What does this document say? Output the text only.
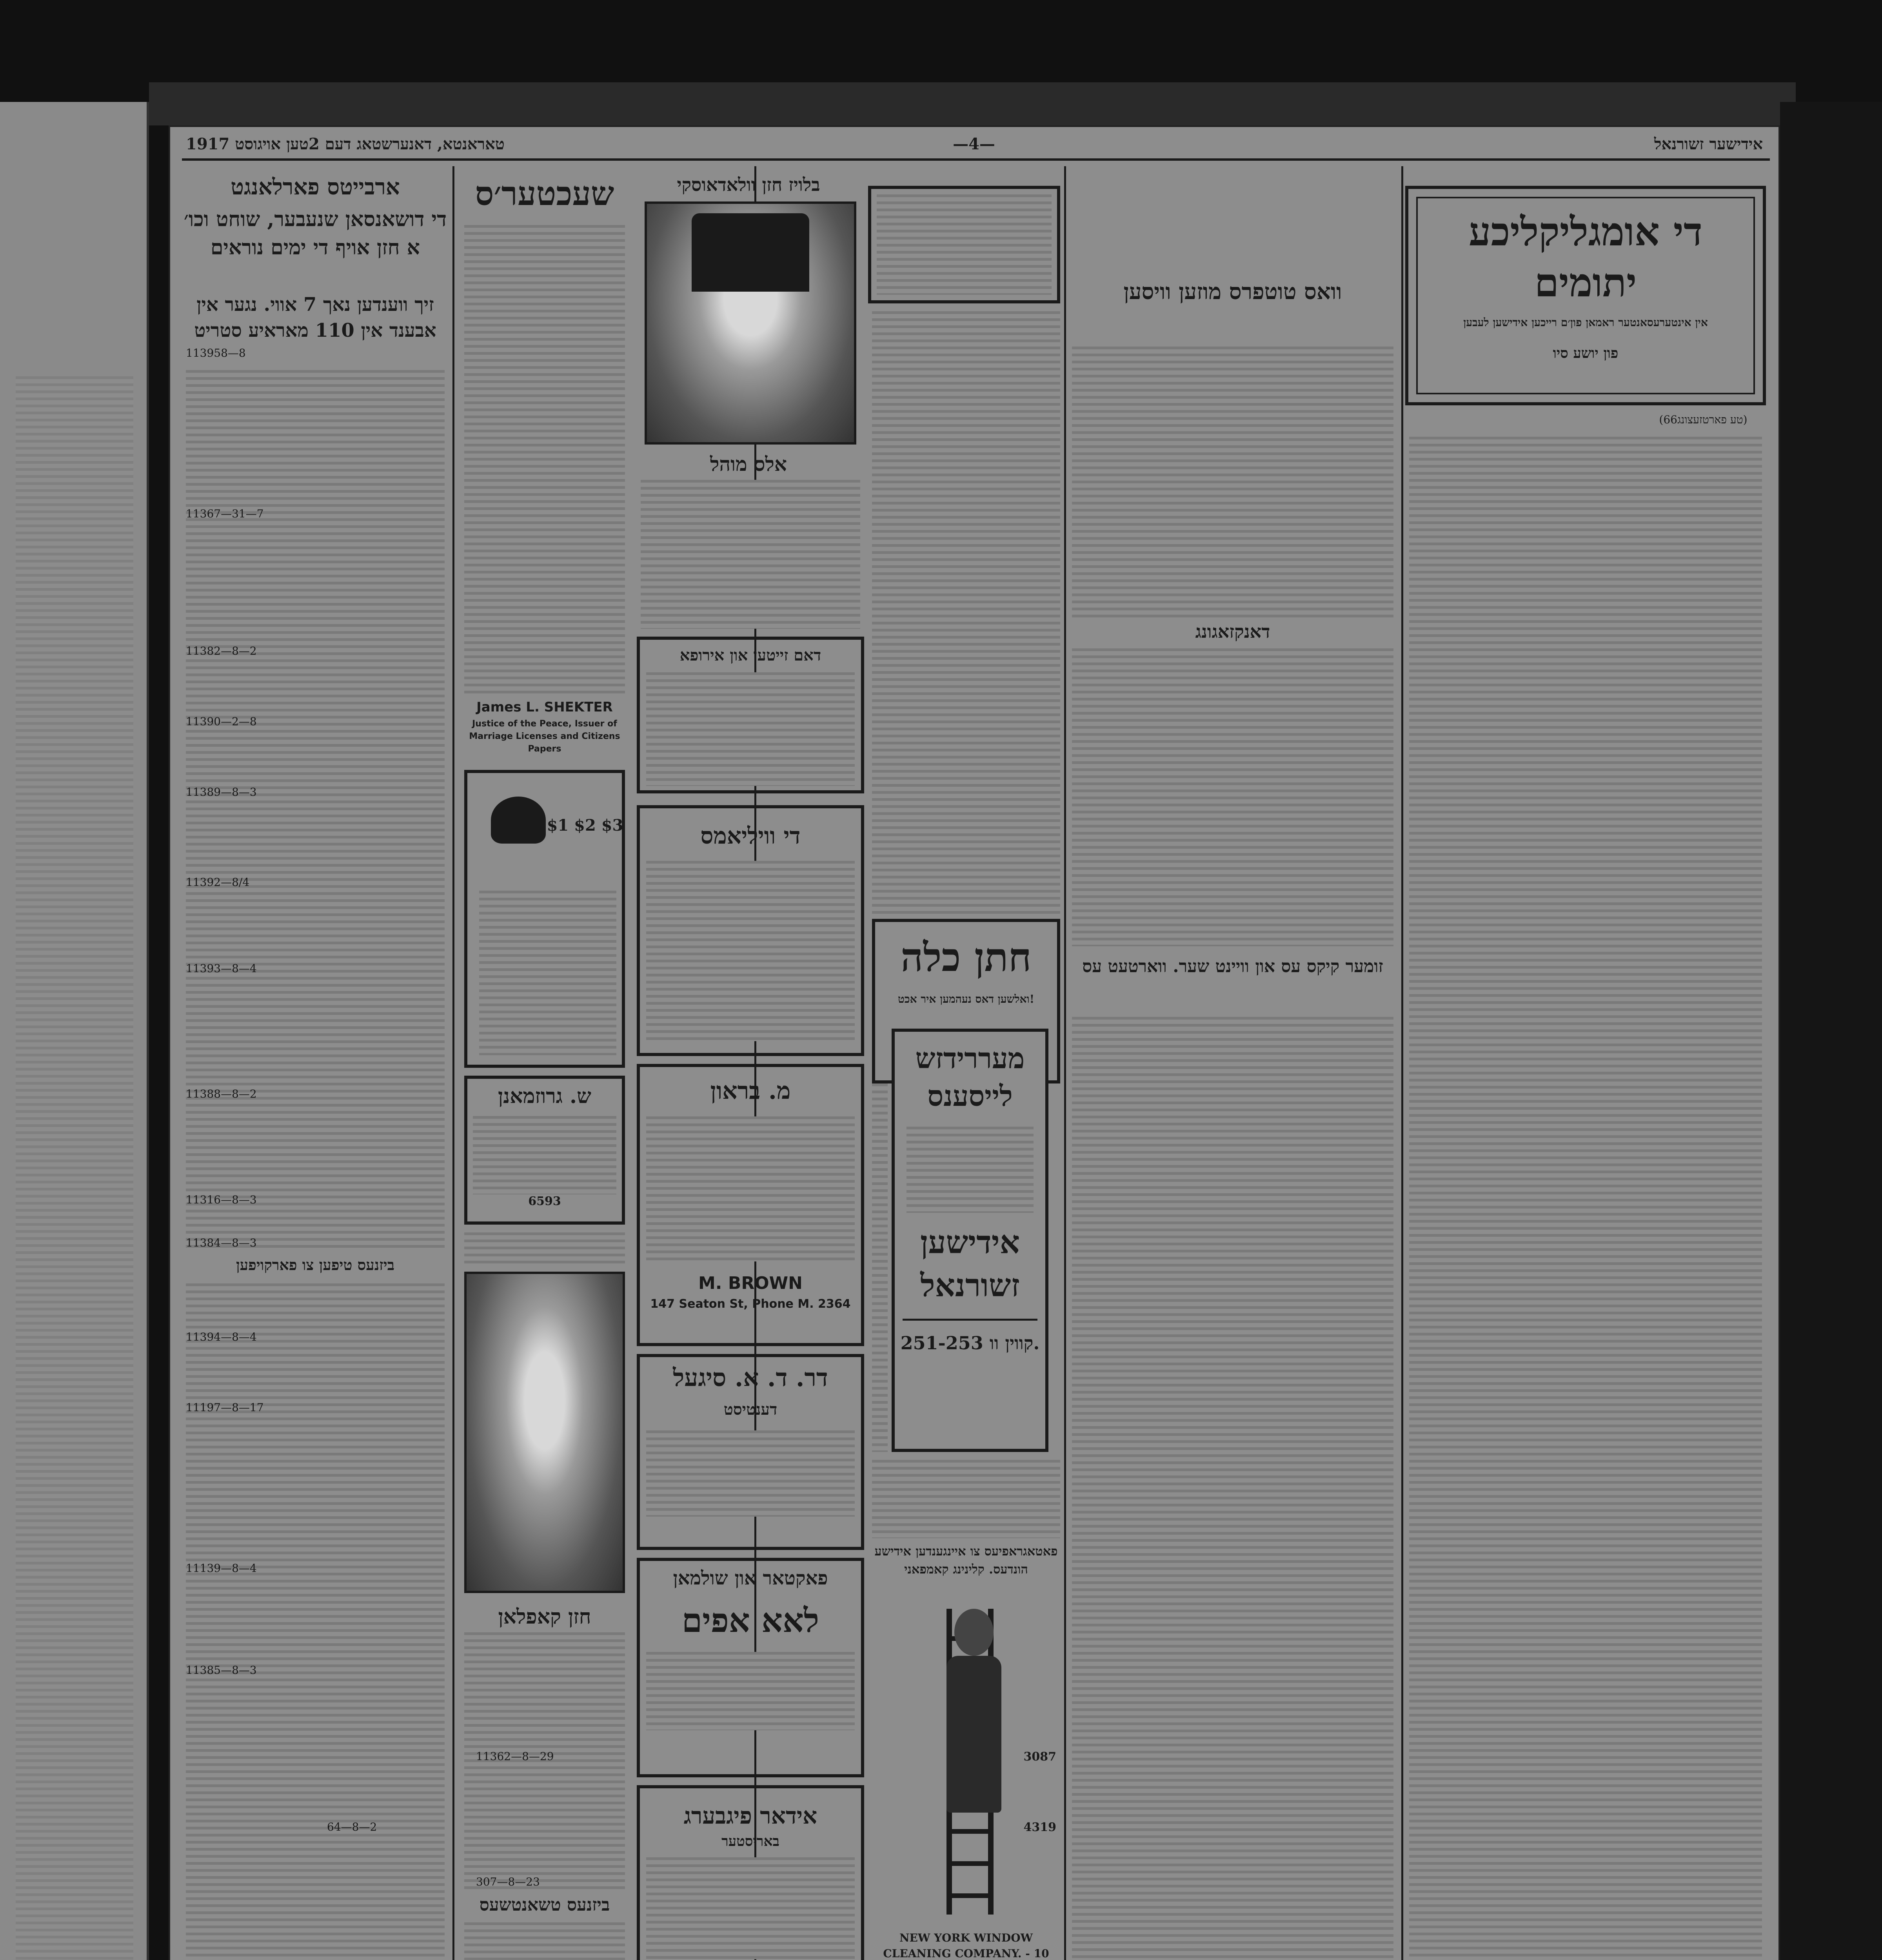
אידישער זשורנאל
—4—
טאראנטא, דאנערשטאג דעם 2טען אויגוסט 1917
די אומגליקליכע יתומים
אין אינטערעסאנטער ראמאן פון׳ם רייכען אידישען לעבען
פון יושע סיו
(66טע פארטזעצונג)
וואס טוטפרס מוזען וויסען
דאנקזאגונג
זומער קיקס עס און וויינט שער. ווארטעט עס
חתן כלה
ואלשען דאס נעהמען איר אכט!
מעררידזש לייסענס
אידישען זשורנאל
251-253 קווין וו.
פאטאגראפיעס צו איינגענדען אידישע הונדעס. קלינינג קאמפאני
3087
4319
NEW YORK WINDOW CLEANING COMPANY. - 10
בלויז חזן וולאדאוסקי
אלס מוהל
דאם זייטען און אירופא
די וויליאמס
מ. בראון
M. BROWN
147 Seaton St, Phone M. 2364
דר. ד. א. סיגעל
דענטיסט
פאקטאר און שולמאן
לאא אפים
אידאר פיגבערג
באריסטער
שעכטער׳ס
James L. SHEKTER
Justice of the Peace, Issuer of
Marriage Licenses and Citizens
Papers
$1 $2 $3
ש. גרוזמאנן
6593
חזן קאפלאן
ביזנעס טשאנטשעס
ארבייטס פארלאנגט
די דושאנסאן שנעבער, שוחט וכו׳ א חזן אויף די ימים נוראים
זיך ווענדען נאך 7 אווי. נגער אין אבענד אין 110 מאראיע סטריט
ביזנעס טיפען צו פארקויפען
113958—8
11367—31—7
11382—8—2
11390—2—8
11389—8—3
11392—8/4
11393—8—4
11388—8—2
11316—8—3
11384—8—3
11394—8—4
11197—8—17
11139—8—4
11385—8—3
64—8—2
11362—8—29
307—8—23
